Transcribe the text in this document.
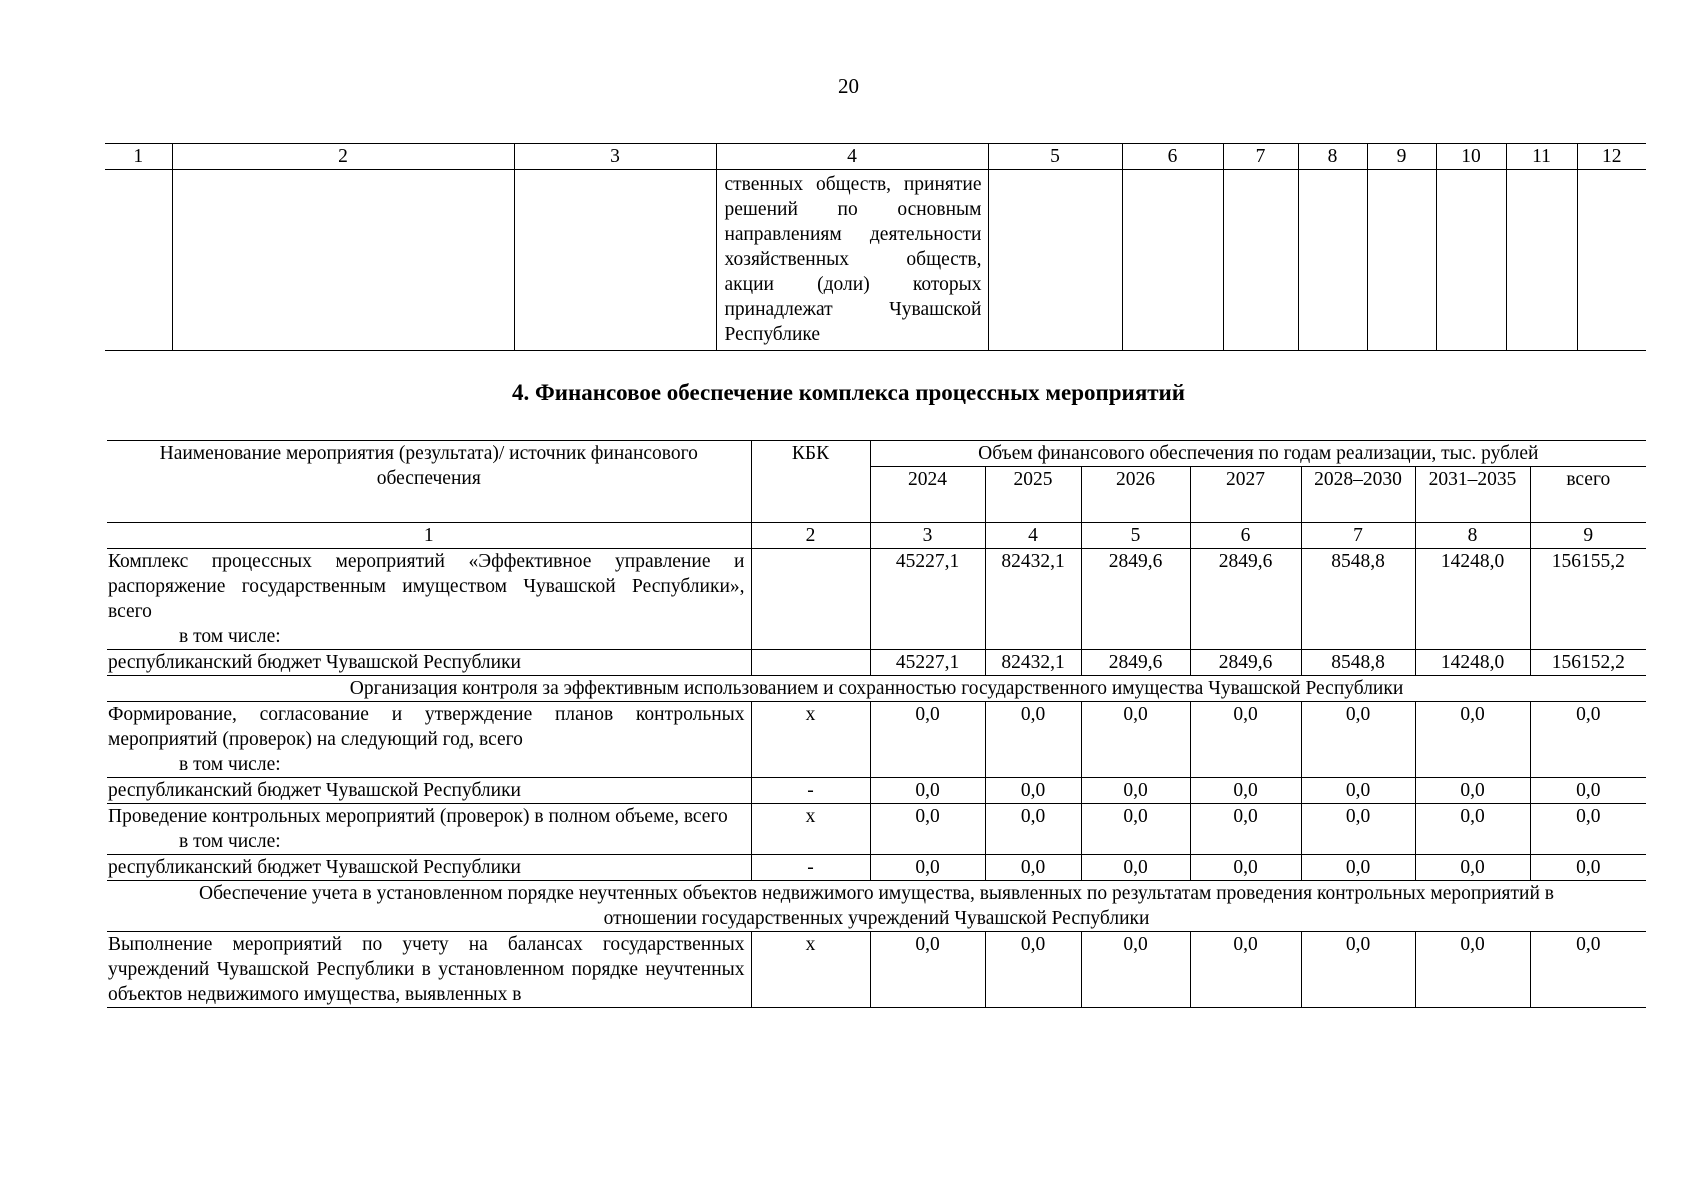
20
1	2	3	4	5	6	7	8	9	10	11	12
			ственных обществ, принятие решений по основным направлениям деятельности хозяйственных обществ, акции (доли) которых принадлежат Чувашской Республике								
4. Финансовое обеспечение комплекса процессных мероприятий
Наименование мероприятия (результата)/ источник финансового обеспечения	КБК	Объем финансового обеспечения по годам реализации, тыс. рублей						
		2024	2025	2026	2027	2028–2030	2031–2035	всего
1	2	3	4	5	6	7	8	9
Комплекс процессных мероприятий «Эффективное управление и распоряжение государственным имуществом Чувашской Республики», всего
в том числе:		45227,1	82432,1	2849,6	2849,6	8548,8	14248,0	156155,2
республиканский бюджет Чувашской Республики		45227,1	82432,1	2849,6	2849,6	8548,8	14248,0	156152,2
Организация контроля за эффективным использованием и сохранностью государственного имущества Чувашской Республики								
Формирование, согласование и утверждение планов контрольных мероприятий (проверок) на следующий год, всего
в том числе:	х	0,0	0,0	0,0	0,0	0,0	0,0	0,0
республиканский бюджет Чувашской Республики	-	0,0	0,0	0,0	0,0	0,0	0,0	0,0
Проведение контрольных мероприятий (проверок) в полном объеме, всего
в том числе:	х	0,0	0,0	0,0	0,0	0,0	0,0	0,0
республиканский бюджет Чувашской Республики	-	0,0	0,0	0,0	0,0	0,0	0,0	0,0
Обеспечение учета в установленном порядке неучтенных объектов недвижимого имущества, выявленных по результатам проведения контрольных мероприятий в отношении государственных учреждений Чувашской Республики								
Выполнение мероприятий по учету на балансах государственных учреждений Чувашской Республики в установленном порядке неучтенных объектов недвижимого имущества, выявленных в	х	0,0	0,0	0,0	0,0	0,0	0,0	0,0
